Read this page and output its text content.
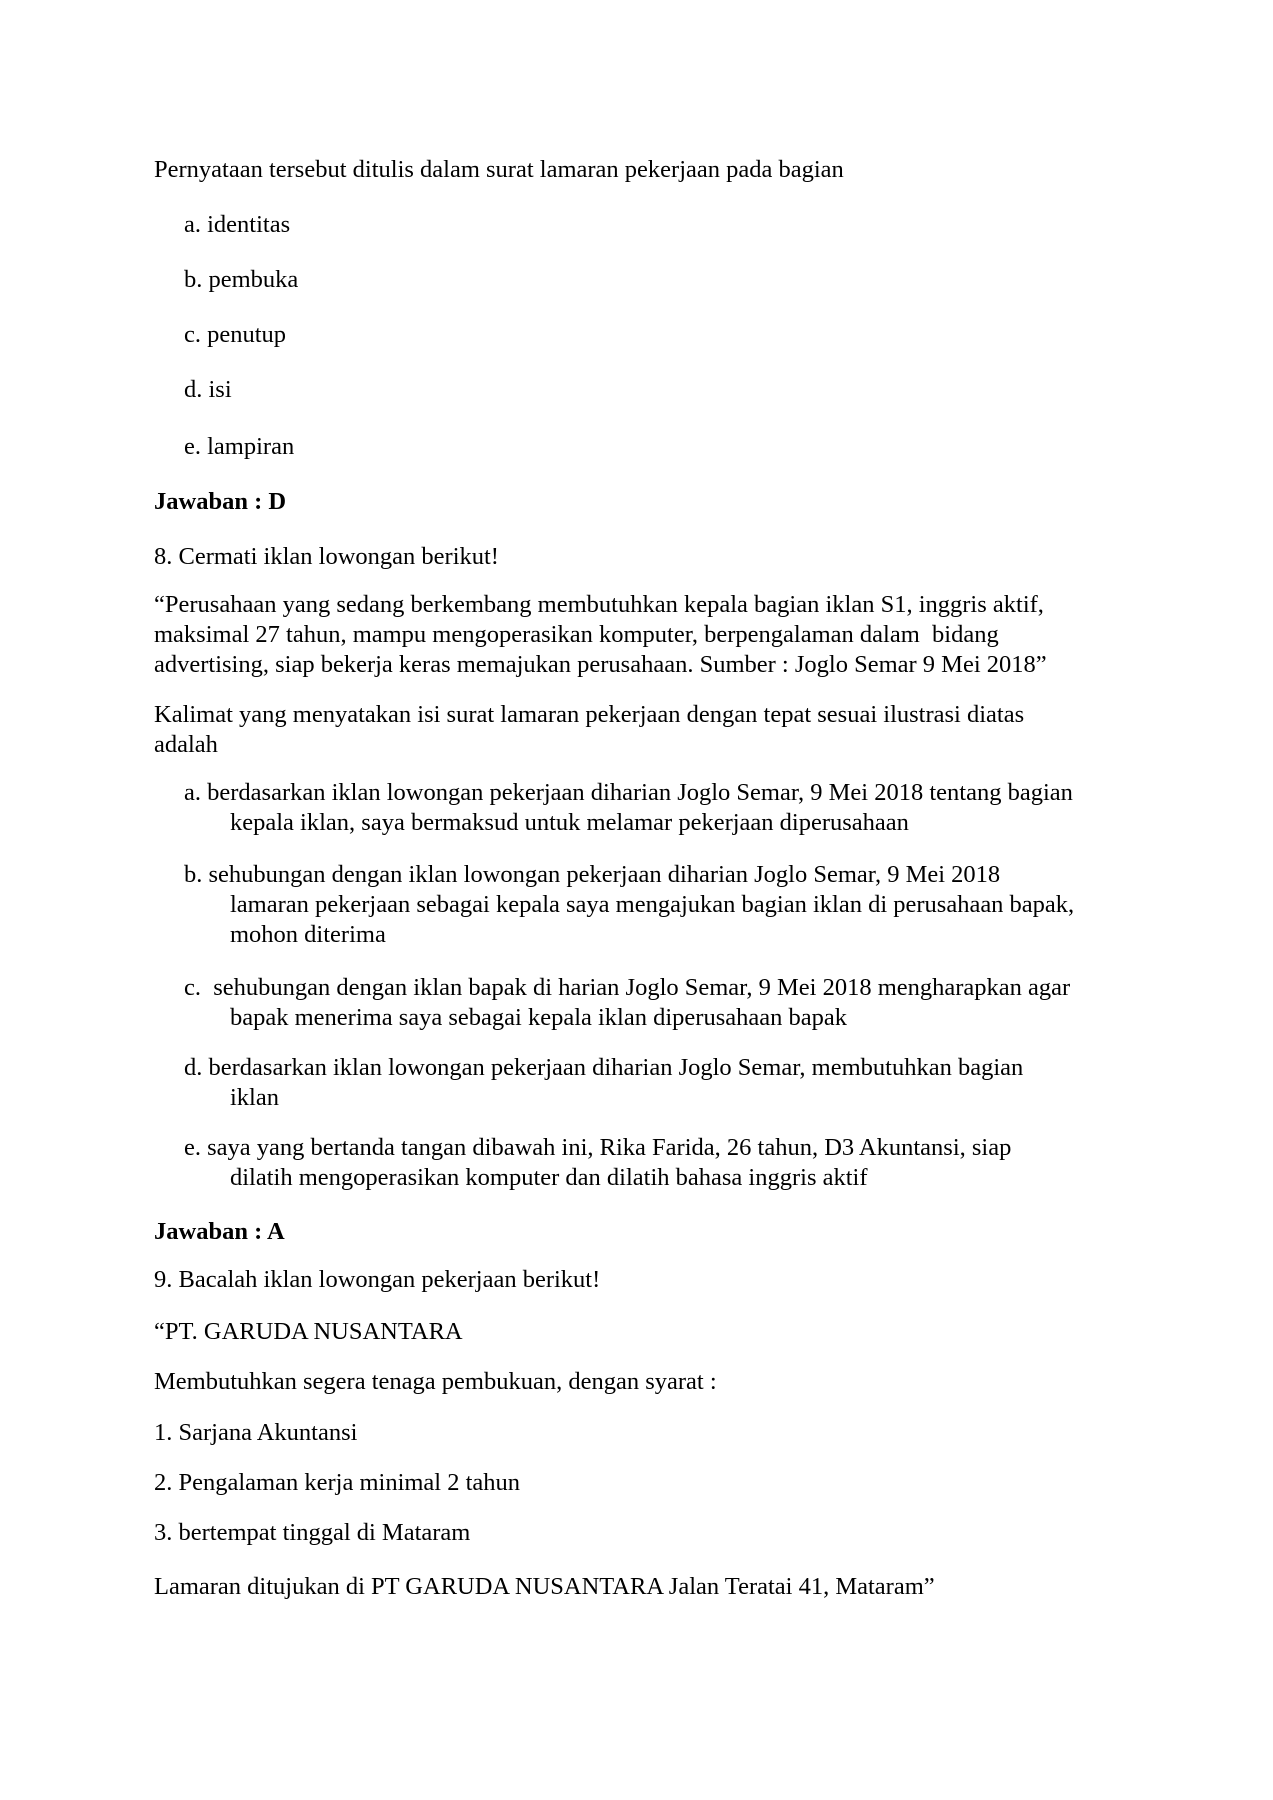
Pernyataan tersebut ditulis dalam surat lamaran pekerjaan pada bagian
a. identitas
b. pembuka
c. penutup
d. isi
e. lampiran
Jawaban : D
8. Cermati iklan lowongan berikut!
“Perusahaan yang sedang berkembang membutuhkan kepala bagian iklan S1, inggris aktif,
maksimal 27 tahun, mampu mengoperasikan komputer, berpengalaman dalam  bidang
advertising, siap bekerja keras memajukan perusahaan. Sumber : Joglo Semar 9 Mei 2018”
Kalimat yang menyatakan isi surat lamaran pekerjaan dengan tepat sesuai ilustrasi diatas
adalah
a. berdasarkan iklan lowongan pekerjaan diharian Joglo Semar, 9 Mei 2018 tentang bagian
kepala iklan, saya bermaksud untuk melamar pekerjaan diperusahaan
b. sehubungan dengan iklan lowongan pekerjaan diharian Joglo Semar, 9 Mei 2018
lamaran pekerjaan sebagai kepala saya mengajukan bagian iklan di perusahaan bapak,
mohon diterima
c.  sehubungan dengan iklan bapak di harian Joglo Semar, 9 Mei 2018 mengharapkan agar
bapak menerima saya sebagai kepala iklan diperusahaan bapak
d. berdasarkan iklan lowongan pekerjaan diharian Joglo Semar, membutuhkan bagian
iklan
e. saya yang bertanda tangan dibawah ini, Rika Farida, 26 tahun, D3 Akuntansi, siap
dilatih mengoperasikan komputer dan dilatih bahasa inggris aktif
Jawaban : A
9. Bacalah iklan lowongan pekerjaan berikut!
“PT. GARUDA NUSANTARA
Membutuhkan segera tenaga pembukuan, dengan syarat :
1. Sarjana Akuntansi
2. Pengalaman kerja minimal 2 tahun
3. bertempat tinggal di Mataram
Lamaran ditujukan di PT GARUDA NUSANTARA Jalan Teratai 41, Mataram”
